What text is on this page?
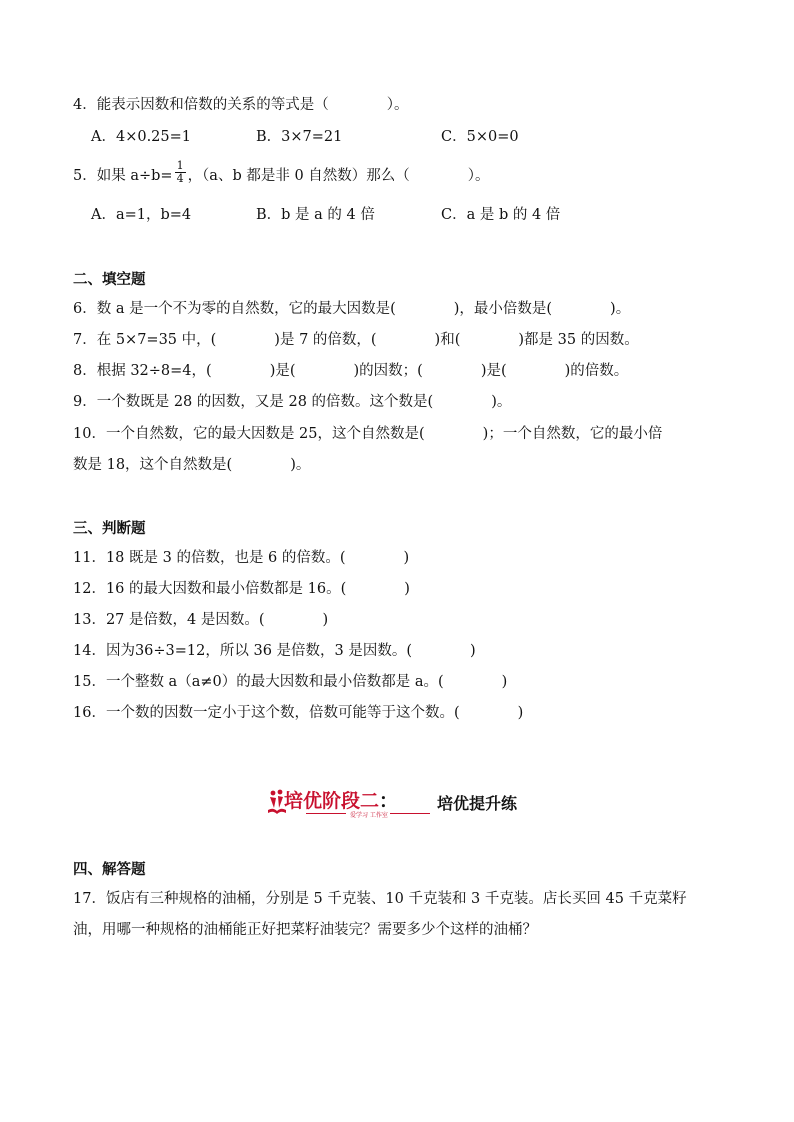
4．能表示因数和倍数的关系的等式是（　　　　）。
A．4×0.25=1	B．3×7=21	C．5×0=0
5．如果 $a\div b= \frac{1}{4}$ ，（a、b 都是非 0 自然数）那么（　　　　）。
A．a=1，b=4	B．b 是 a 的 4 倍	C．a 是 b 的 4 倍
二、填空题
6．数 a 是一个不为零的自然数，它的最大因数是(　　　　)，最小倍数是(　　　　)。
7．在 5×7=35 中，(　　　　)是 7 的倍数，(　　　　)和(　　　　)都是 35 的因数。
8．根据 32÷8=4，(　　　　)是(　　　　)的因数；(　　　　)是(　　　　)的倍数。
9．一个数既是 28 的因数，又是 28 的倍数。这个数是(　　　　)。
10．一个自然数，它的最大因数是 25，这个自然数是(　　　　)；一个自然数，它的最小倍
数是 18，这个自然数是(　　　　)。
三、判断题
11．18 既是 3 的倍数，也是 6 的倍数。(　　　　)
12．16 的最大因数和最小倍数都是 16。(　　　　)
13．27 是倍数，4 是因数。(　　　　)
14．因为36÷3=12，所以 36 是倍数，3 是因数。(　　　　)
15．一个整数 a（a≠0）的最大因数和最小倍数都是 a。(　　　　)
16．一个数的因数一定小于这个数，倍数可能等于这个数。(　　　　)
培优阶段二：
爱学习 工作室
培优提升练
四、解答题
17．饭店有三种规格的油桶，分别是 5 千克装、10 千克装和 3 千克装。店长买回 45 千克菜籽
油，用哪一种规格的油桶能正好把菜籽油装完？需要多少个这样的油桶？
